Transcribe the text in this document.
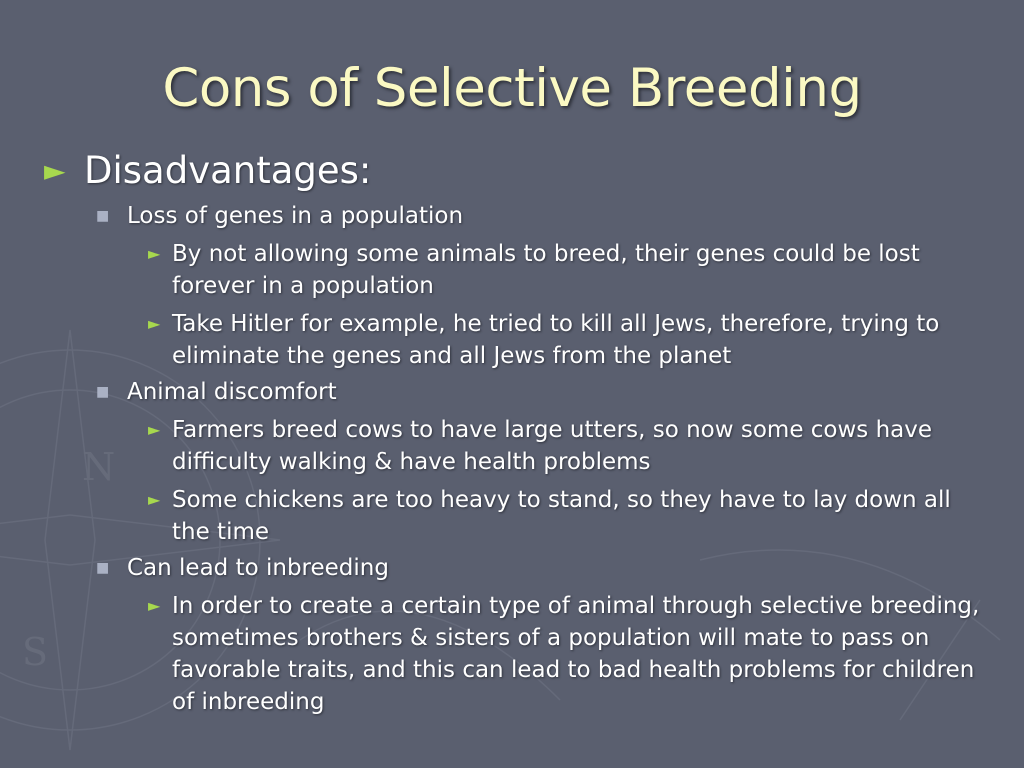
N
S
Cons of Selective Breeding
► Disadvantages:
■ Loss of genes in a population
► By not allowing some animals to breed, their genes could be lost forever in a population
► Take Hitler for example, he tried to kill all Jews, therefore, trying to eliminate the genes and all Jews from the planet
■ Animal discomfort
► Farmers breed cows to have large utters, so now some cows have difficulty walking & have health problems
► Some chickens are too heavy to stand, so they have to lay down all the time
■ Can lead to inbreeding
► In order to create a certain type of animal through selective breeding, sometimes brothers & sisters of a population will mate to pass on favorable traits, and this can lead to bad health problems for children of inbreeding
